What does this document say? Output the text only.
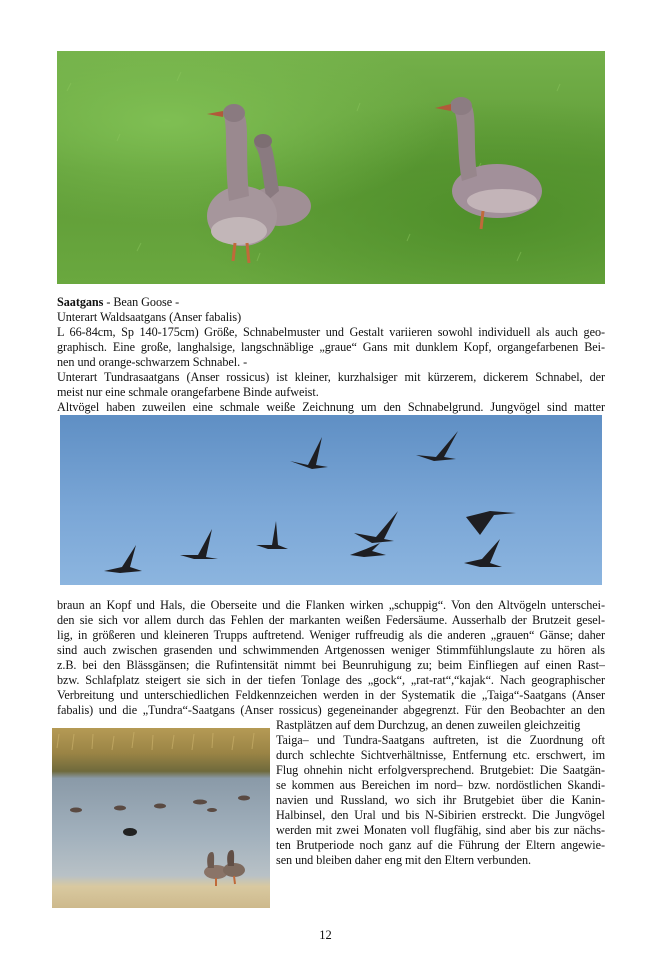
Saatgans - Bean Goose -
Unterart Waldsaatgans (Anser fabalis)
L 66-84cm, Sp 140-175cm) Größe, Schnabelmuster und Gestalt variieren sowohl individuell als auch geo-
graphisch. Eine große, langhalsige, langschnäblige „graue“ Gans mit dunklem Kopf, organgefarbenen Bei-
nen und orange-schwarzem Schnabel. -
Unterart Tundrasaatgans (Anser rossicus) ist kleiner, kurzhalsiger mit kürzerem, dickerem Schnabel, der
meist nur eine schmale orangefarbene Binde aufweist.
Altvögel haben zuweilen eine schmale weiße Zeichnung um den Schnabelgrund. Jungvögel sind matter
braun an Kopf und Hals, die Oberseite und die Flanken wirken „schuppig“. Von den Altvögeln unterschei-
den sie sich vor allem durch das Fehlen der markanten weißen Federsäume. Ausserhalb der Brutzeit gesel-
lig, in größeren und kleineren Trupps auftretend. Weniger ruffreudig als die anderen „grauen“ Gänse; daher
sind auch zwischen grasenden und schwimmenden Artgenossen weniger Stimmfühlungslaute zu hören als
z.B. bei den Blässgänsen; die Rufintensität nimmt bei Beunruhigung zu; beim Einfliegen auf einen Rast–
bzw. Schlafplatz steigert sie sich in der tiefen Tonlage des „gock“, „rat-rat“,“kajak“. Nach geographischer
Verbreitung und unterschiedlichen Feldkennzeichen werden in der Systematik die „Taiga“-Saatgans (Anser
fabalis) und die „Tundra“-Saatgans (Anser rossicus) gegeneinander abgegrenzt. Für den Beobachter an den
Rastplätzen auf dem Durchzug, an denen zuweilen gleichzeitig
Taiga– und Tundra-Saatgans auftreten, ist die Zuordnung oft
durch schlechte Sichtverhältnisse, Entfernung etc. erschwert, im
Flug ohnehin nicht erfolgversprechend. Brutgebiet: Die Saatgän-
se kommen aus Bereichen im nord– bzw. nordöstlichen Skandi-
navien und Russland, wo sich ihr Brutgebiet über die Kanin-
Halbinsel, den Ural und bis N-Sibirien erstreckt. Die Jungvögel
werden mit zwei Monaten voll flugfähig, sind aber bis zur nächs-
ten Brutperiode noch ganz auf die Führung der Eltern angewie-
sen und bleiben daher eng mit den Eltern verbunden.
12
